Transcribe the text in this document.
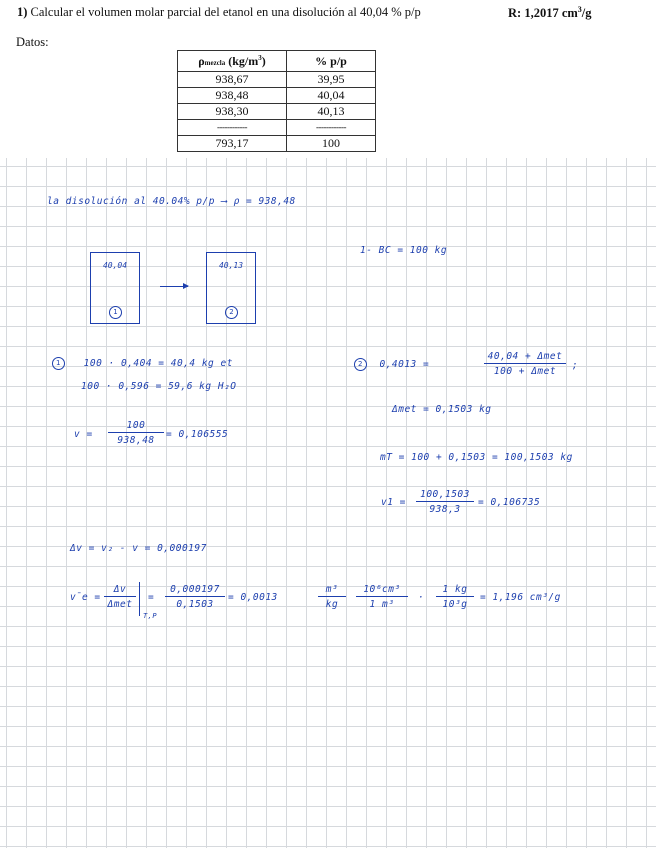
1) Calcular el volumen molar parcial del etanol en una disolución al 40,04 % p/p	R: 1,2017 $cm^3/g$
Datos:
ρmezcla $(kg/m^3)$	% p/p
938,67	39,95
938,48	40,04
938,30	40,13
------------	------------
793,17	100
la disolución al 40.04% p/p ⟶ ρ = 938,48
1- BC = 100 kg
40,04
1
40,13
2
1 100 · 0,404 = 40,4 kg et
100 · 0,596 = 59,6 kg H₂O
$v = \frac{100}{938,48} = 0,106555$
2 0,4013 =
40,04 + Δmet
100 + Δmet
;
Δmet = 0,1503 kg
mT = 100 + 0,1503 = 100,1503 kg
$v1 = \frac{100,1503}{938,3} = 0,106735$
Δv = v₂ - v = 0,000197
v̄e =
Δv
Δmet
T,P
= $\frac{0,000197}{0,1503} = 0,0013$	$\frac{\text{m³}}{kg} \frac{\text{10⁶cm³}}{\text{1 m³}} \cdot \frac{1 kg}{\text{10³g}} = 1,196$ cm³/g
